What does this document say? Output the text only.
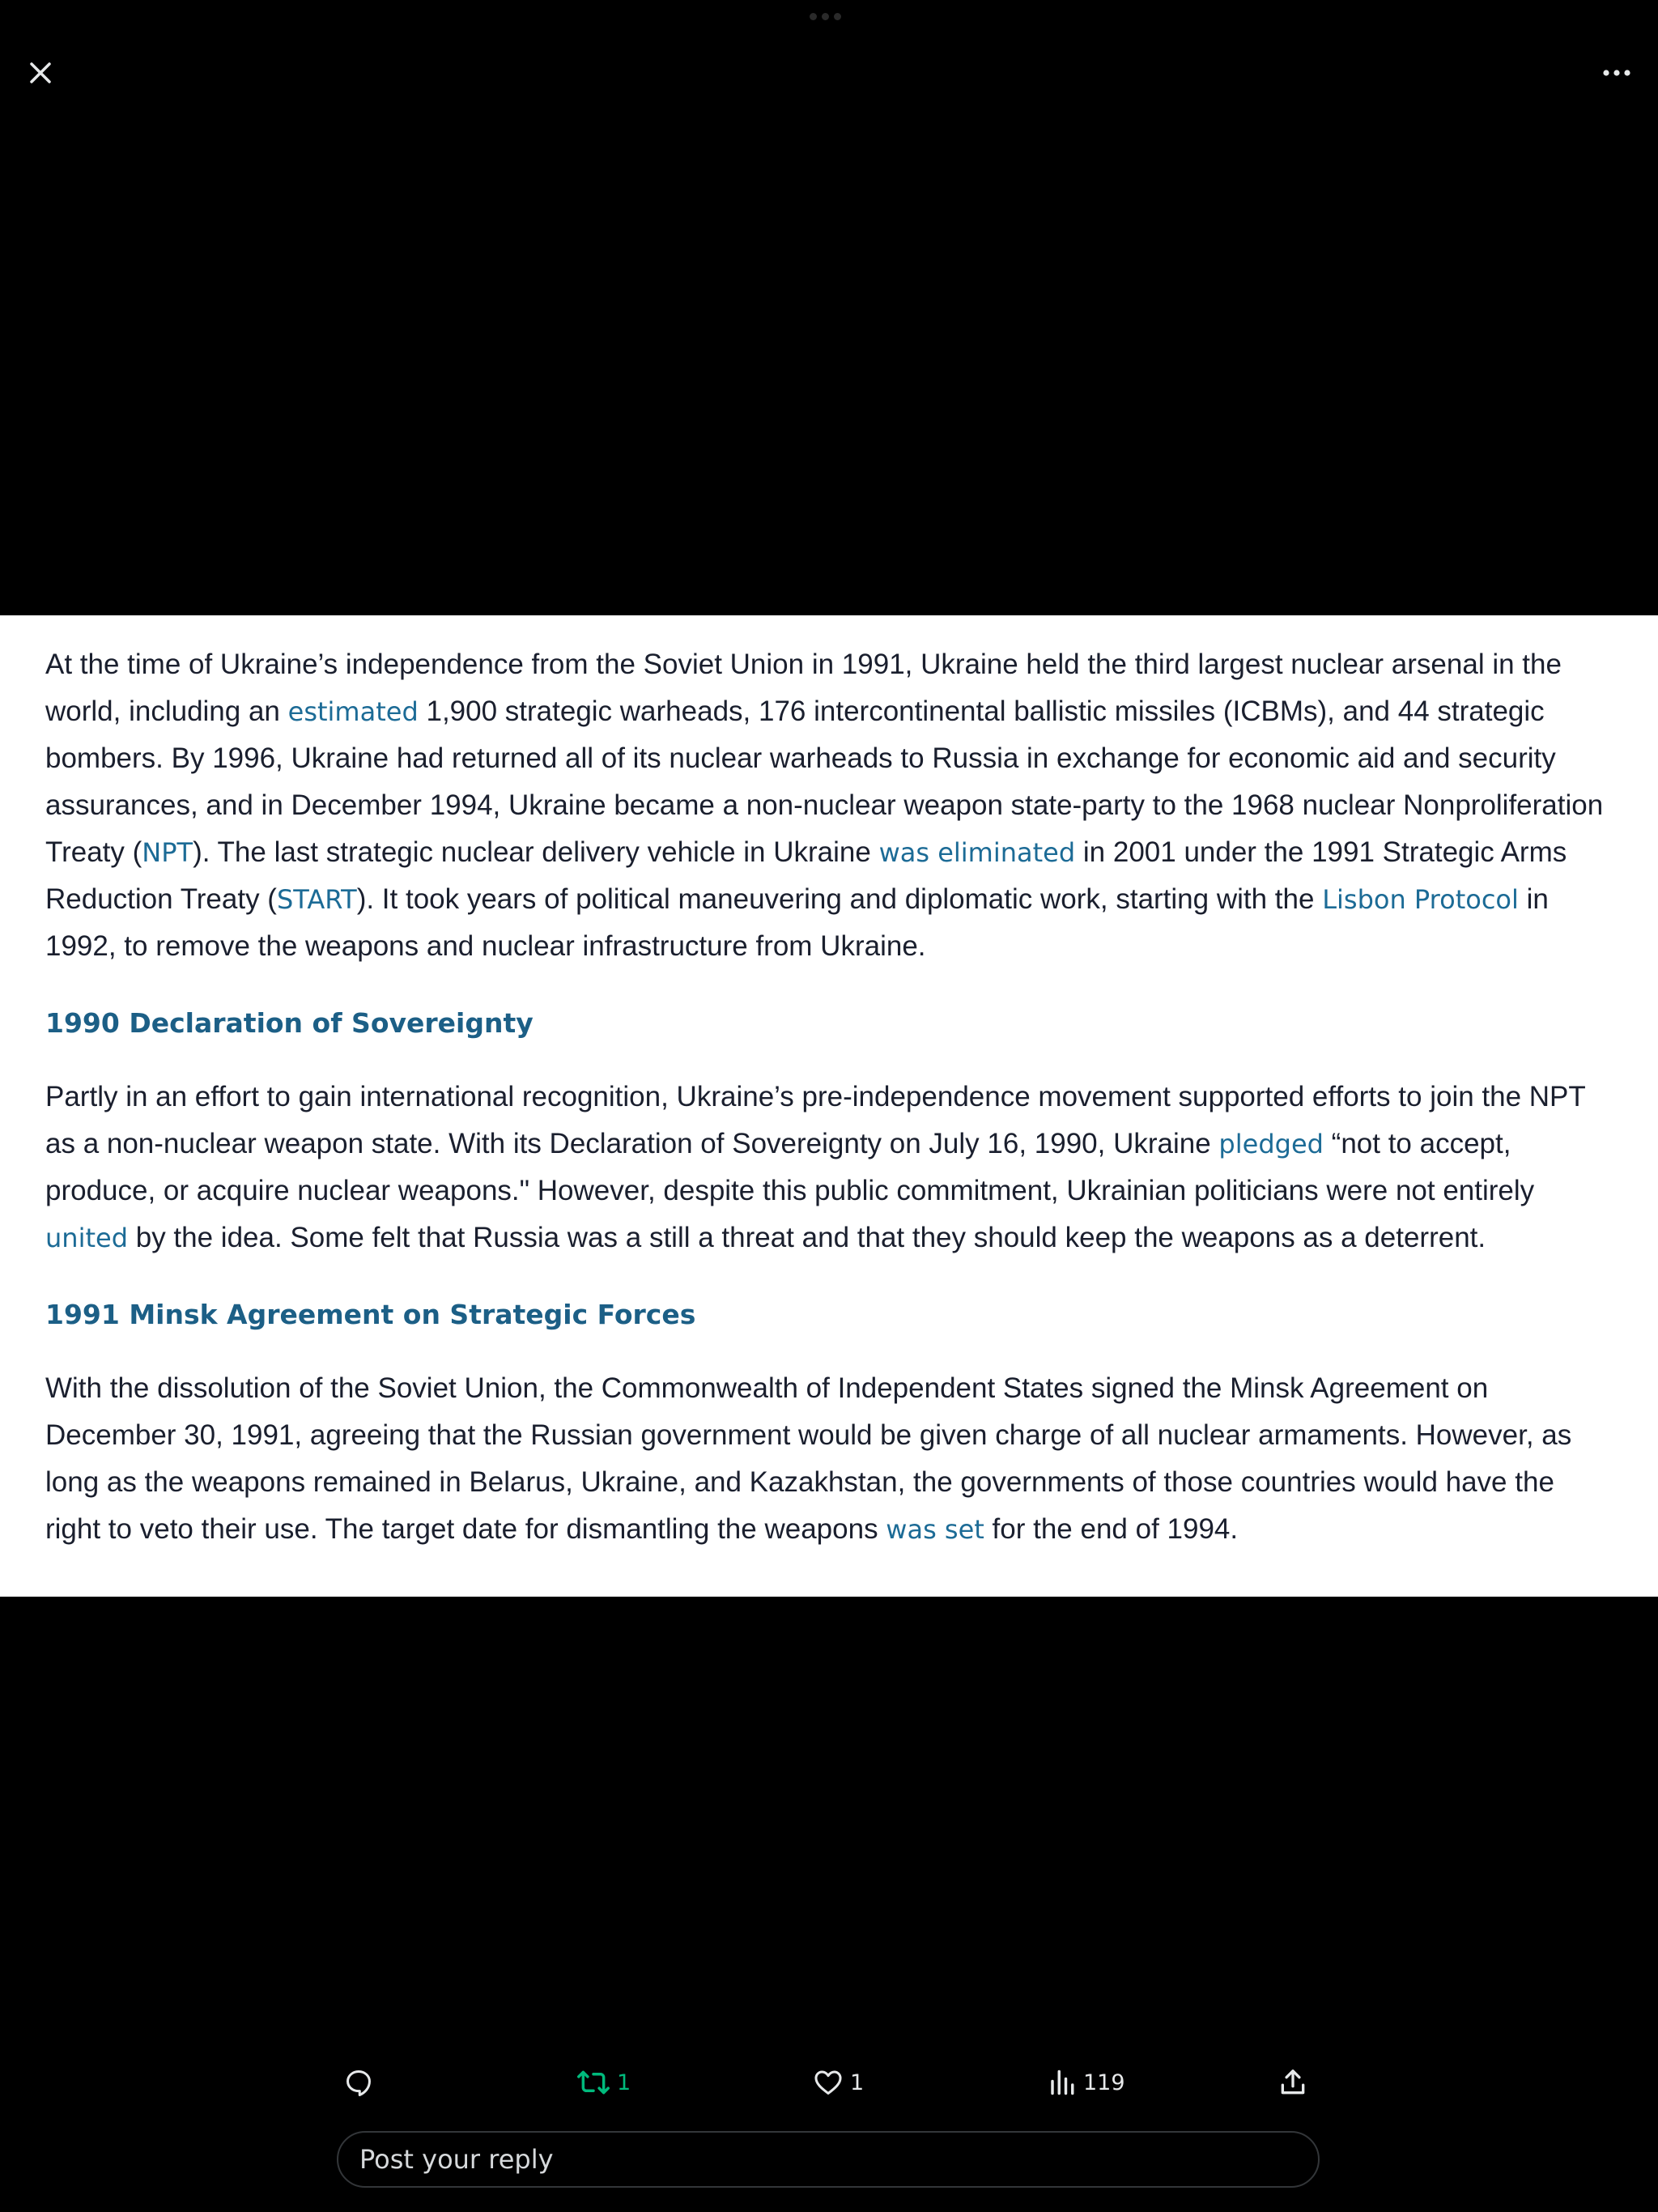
At the time of Ukraine’s independence from the Soviet Union in 1991, Ukraine held the third largest nuclear arsenal in the world, including an estimated 1,900 strategic warheads, 176 intercontinental ballistic missiles (ICBMs), and 44 strategic bombers. By 1996, Ukraine had returned all of its nuclear warheads to Russia in exchange for economic aid and security assurances, and in December 1994, Ukraine became a non-nuclear weapon state-party to the 1968 nuclear Nonproliferation Treaty (NPT). The last strategic nuclear delivery vehicle in Ukraine was eliminated in 2001 under the 1991 Strategic Arms Reduction Treaty (START). It took years of political maneuvering and diplomatic work, starting with the Lisbon Protocol in 1992, to remove the weapons and nuclear infrastructure from Ukraine.

1990 Declaration of Sovereignty

Partly in an effort to gain international recognition, Ukraine’s pre-independence movement supported efforts to join the NPT as a non-nuclear weapon state. With its Declaration of Sovereignty on July 16, 1990, Ukraine pledged “not to accept, produce, or acquire nuclear weapons." However, despite this public commitment, Ukrainian politicians were not entirely united by the idea. Some felt that Russia was a still a threat and that they should keep the weapons as a deterrent.

1991 Minsk Agreement on Strategic Forces

With the dissolution of the Soviet Union, the Commonwealth of Independent States signed the Minsk Agreement on December 30, 1991, agreeing that the Russian government would be given charge of all nuclear armaments. However, as long as the weapons remained in Belarus, Ukraine, and Kazakhstan, the governments of those countries would have the right to veto their use. The target date for dismantling the weapons was set for the end of 1994.

1	1	119
Post your reply
